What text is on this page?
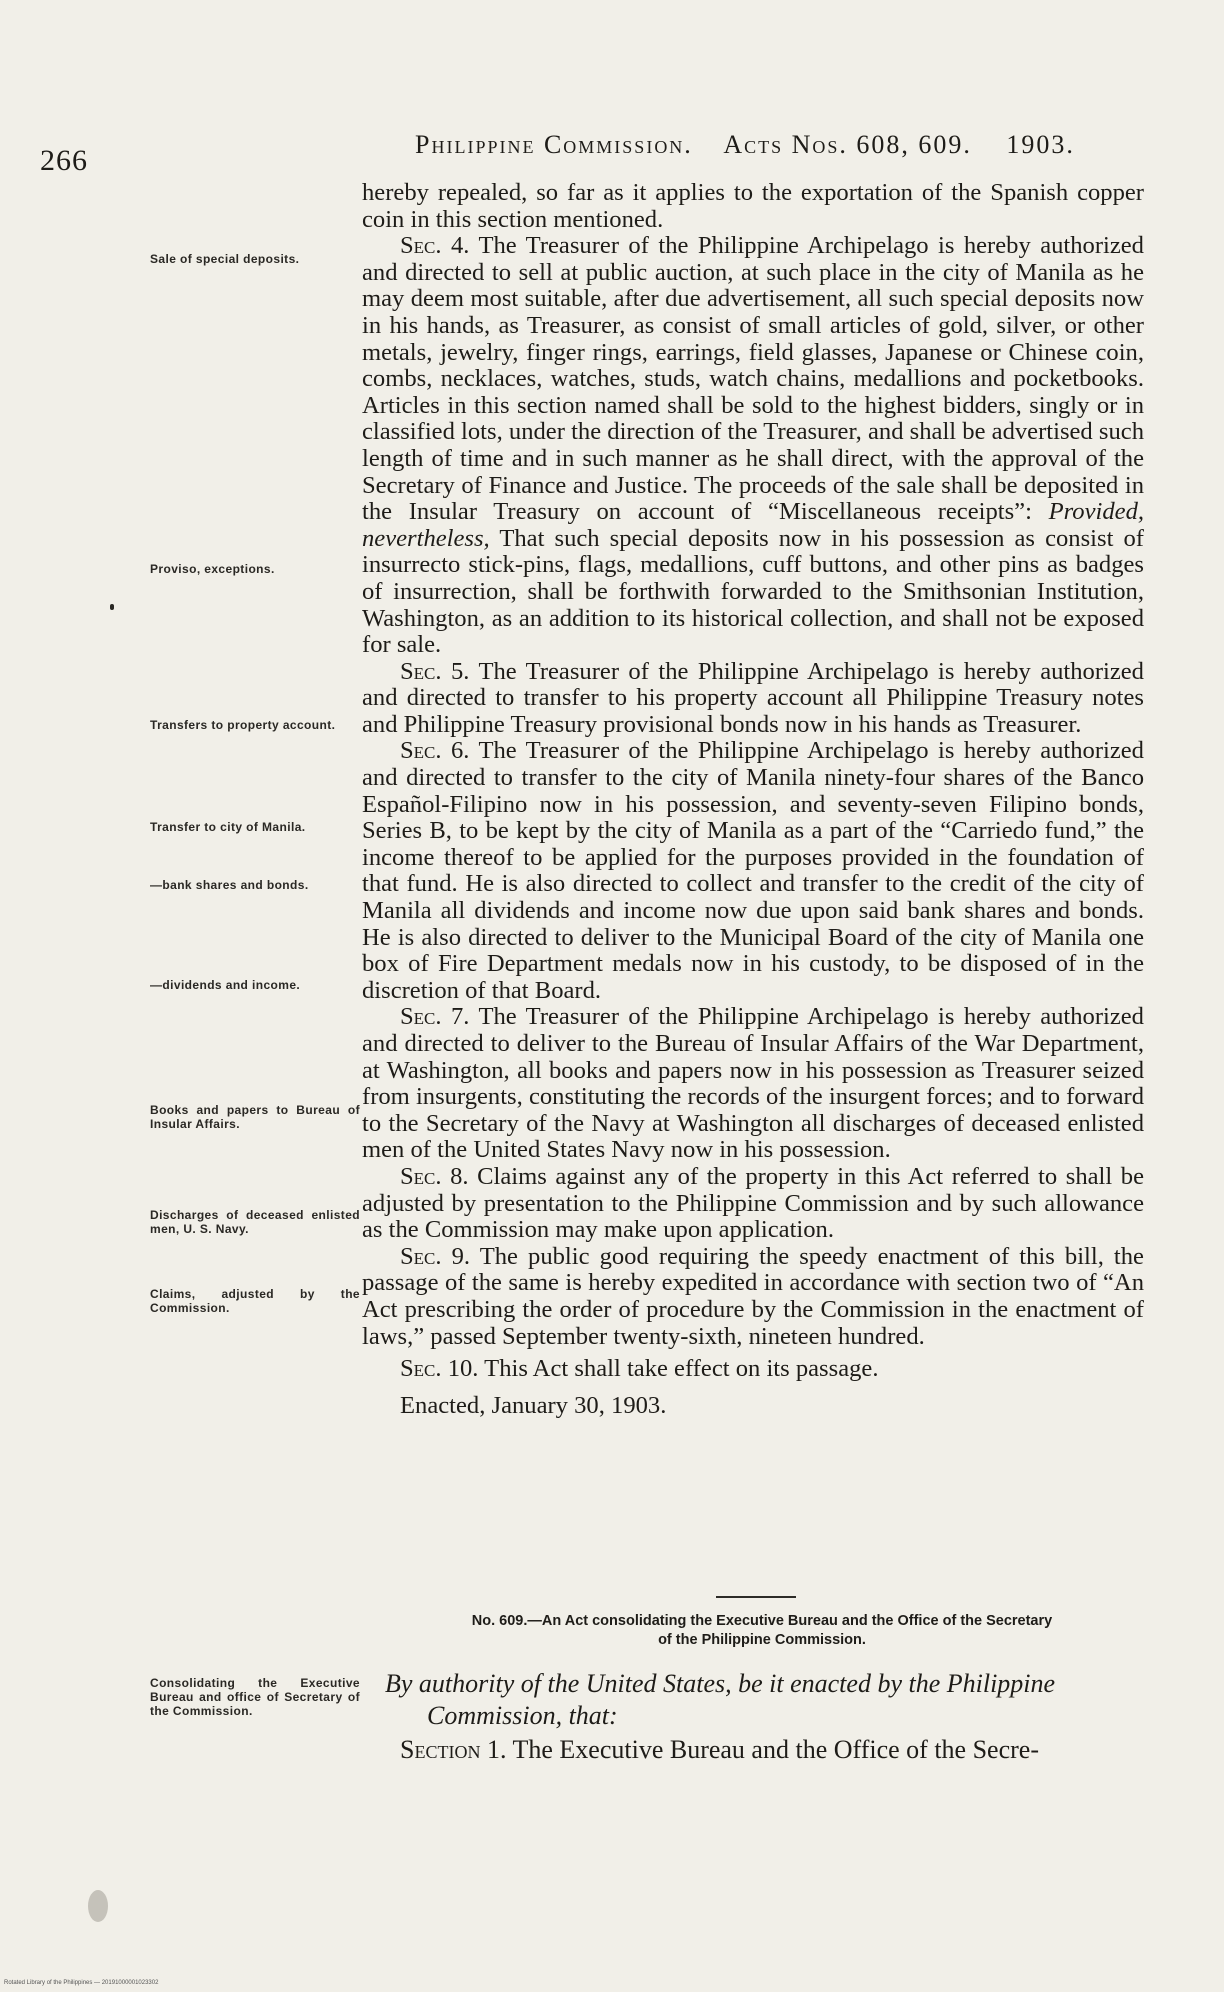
266	Philippine Commission. Acts Nos. 608, 609. 1903.
Sale of special deposits.
Proviso, exceptions.
Transfers to property account.
Transfer to city of Manila.
—bank shares and bonds.
—dividends and income.
Books and papers to Bureau of Insular Affairs.
Discharges of deceased enlisted men, U. S. Navy.
Claims, adjusted by the Commission.
Consolidating the Executive Bureau and office of Secretary of the Commission.

hereby repealed, so far as it applies to the exportation of the Spanish copper coin in this section mentioned.

Sec. 4. The Treasurer of the Philippine Archipelago is hereby authorized and directed to sell at public auction, at such place in the city of Manila as he may deem most suitable, after due advertisement, all such special deposits now in his hands, as Treasurer, as consist of small articles of gold, silver, or other metals, jewelry, finger rings, earrings, field glasses, Japanese or Chinese coin, combs, necklaces, watches, studs, watch chains, medallions and pocketbooks. Articles in this section named shall be sold to the highest bidders, singly or in classified lots, under the direction of the Treasurer, and shall be advertised such length of time and in such manner as he shall direct, with the approval of the Secretary of Finance and Justice. The proceeds of the sale shall be deposited in the Insular Treasury on account of “Miscellaneous receipts”: Provided, nevertheless, That such special deposits now in his possession as consist of insurrecto stick-pins, flags, medallions, cuff buttons, and other pins as badges of insurrection, shall be forthwith forwarded to the Smithsonian Institution, Washington, as an addition to its historical collection, and shall not be exposed for sale.

Sec. 5. The Treasurer of the Philippine Archipelago is hereby authorized and directed to transfer to his property account all Philippine Treasury notes and Philippine Treasury provisional bonds now in his hands as Treasurer.

Sec. 6. The Treasurer of the Philippine Archipelago is hereby authorized and directed to transfer to the city of Manila ninety-four shares of the Banco Español-Filipino now in his possession, and seventy-seven Filipino bonds, Series B, to be kept by the city of Manila as a part of the “Carriedo fund,” the income thereof to be applied for the purposes provided in the foundation of that fund. He is also directed to collect and transfer to the credit of the city of Manila all dividends and income now due upon said bank shares and bonds. He is also directed to deliver to the Municipal Board of the city of Manila one box of Fire Department medals now in his custody, to be disposed of in the discretion of that Board.

Sec. 7. The Treasurer of the Philippine Archipelago is hereby authorized and directed to deliver to the Bureau of Insular Affairs of the War Department, at Washington, all books and papers now in his possession as Treasurer seized from insurgents, constituting the records of the insurgent forces; and to forward to the Secretary of the Navy at Washington all discharges of deceased enlisted men of the United States Navy now in his possession.

Sec. 8. Claims against any of the property in this Act referred to shall be adjusted by presentation to the Philippine Commission and by such allowance as the Commission may make upon application.

Sec. 9. The public good requiring the speedy enactment of this bill, the passage of the same is hereby expedited in accordance with section two of “An Act prescribing the order of procedure by the Commission in the enactment of laws,” passed September twenty-sixth, nineteen hundred.

Sec. 10. This Act shall take effect on its passage.

Enacted, January 30, 1903.

No. 609.—An Act consolidating the Executive Bureau and the Office of the Secretary
of the Philippine Commission.
By authority of the United States, be it enacted by the Philippine
Commission, that:
Section 1. The Executive Bureau and the Office of the Secre-
Rotated Library of the Philippines — 20191000001023302
